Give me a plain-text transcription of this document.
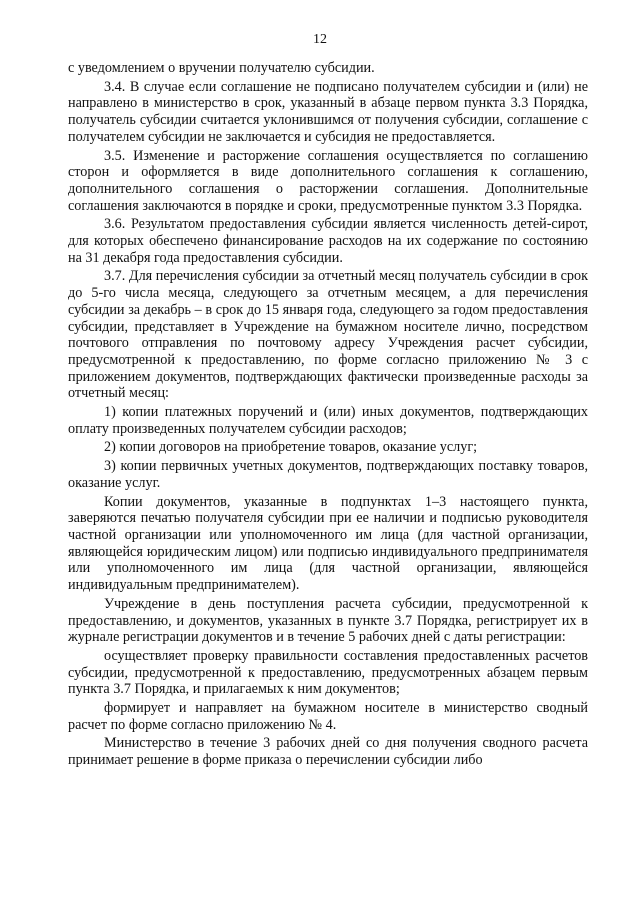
12

с уведомлением о вручении получателю субсидии.

3.4. В случае если соглашение не подписано получателем субсидии и (или) не направлено в министерство в срок, указанный в абзаце первом пункта 3.3 Порядка, получатель субсидии считается уклонившимся от получения субсидии, соглашение с получателем субсидии не заключается и субсидия не предоставляется.

3.5. Изменение и расторжение соглашения осуществляется по соглашению сторон и оформляется в виде дополнительного соглашения к соглашению, дополнительного соглашения о расторжении соглашения. Дополнительные соглашения заключаются в порядке и сроки, предусмотренные пунктом 3.3 Порядка.

3.6. Результатом предоставления субсидии является численность детей-сирот, для которых обеспечено финансирование расходов на их содержание по состоянию на 31 декабря года предоставления субсидии.

3.7. Для перечисления субсидии за отчетный месяц получатель субсидии в срок до 5-го числа месяца, следующего за отчетным месяцем, а для перечисления субсидии за декабрь – в срок до 15 января года, следующего за годом предоставления субсидии, представляет в Учреждение на бумажном носителе лично, посредством почтового отправления по почтовому адресу Учреждения расчет субсидии, предусмотренной к предоставлению, по форме согласно приложению № 3 с приложением документов, подтверждающих фактически произведенные расходы за отчетный месяц:

1) копии платежных поручений и (или) иных документов, подтверждающих оплату произведенных получателем субсидии расходов;

2) копии договоров на приобретение товаров, оказание услуг;

3) копии первичных учетных документов, подтверждающих поставку товаров, оказание услуг.

Копии документов, указанные в подпунктах 1–3 настоящего пункта, заверяются печатью получателя субсидии при ее наличии и подписью руководителя частной организации или уполномоченного им лица (для частной организации, являющейся юридическим лицом) или подписью индивидуального предпринимателя или уполномоченного им лица (для частной организации, являющейся индивидуальным предпринимателем).

Учреждение в день поступления расчета субсидии, предусмотренной к предоставлению, и документов, указанных в пункте 3.7 Порядка, регистрирует их в журнале регистрации документов и в течение 5 рабочих дней с даты регистрации:

осуществляет проверку правильности составления предоставленных расчетов субсидии, предусмотренной к предоставлению, предусмотренных абзацем первым пункта 3.7 Порядка, и прилагаемых к ним документов;

формирует и направляет на бумажном носителе в министерство сводный расчет по форме согласно приложению № 4.

Министерство в течение 3 рабочих дней со дня получения сводного расчета принимает решение в форме приказа о перечислении субсидии либо
